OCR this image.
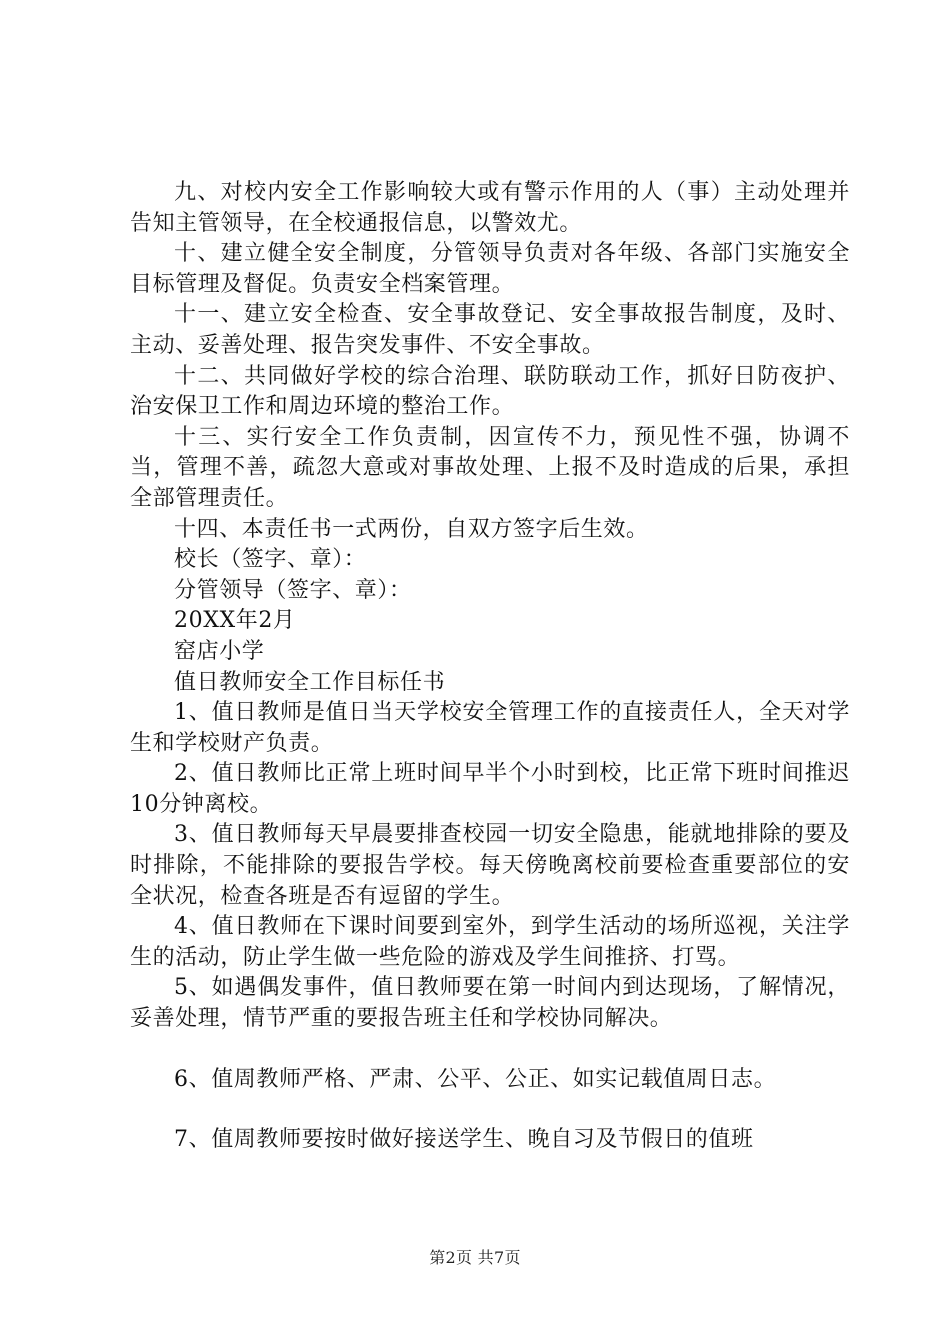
九、对校内安全工作影响较大或有警示作用的人（事）主动处理并告知主管领导，在全校通报信息，以警效尤。

十、建立健全安全制度，分管领导负责对各年级、各部门实施安全目标管理及督促。负责安全档案管理。

十一、建立安全检查、安全事故登记、安全事故报告制度，及时、主动、妥善处理、报告突发事件、不安全事故。

十二、共同做好学校的综合治理、联防联动工作，抓好日防夜护、治安保卫工作和周边环境的整治工作。

十三、实行安全工作负责制，因宣传不力，预见性不强，协调不当，管理不善，疏忽大意或对事故处理、上报不及时造成的后果，承担全部管理责任。

十四、本责任书一式两份，自双方签字后生效。

校长（签字、章）：

分管领导（签字、章）：

20XX年2月

窑店小学

值日教师安全工作目标任书

1、值日教师是值日当天学校安全管理工作的直接责任人，全天对学生和学校财产负责。

2、值日教师比正常上班时间早半个小时到校，比正常下班时间推迟10分钟离校。

3、值日教师每天早晨要排查校园一切安全隐患，能就地排除的要及时排除，不能排除的要报告学校。每天傍晚离校前要检查重要部位的安全状况，检查各班是否有逗留的学生。

4、值日教师在下课时间要到室外，到学生活动的场所巡视，关注学生的活动，防止学生做一些危险的游戏及学生间推挤、打骂。

5、如遇偶发事件，值日教师要在第一时间内到达现场，了解情况，妥善处理，情节严重的要报告班主任和学校协同解决。

6、值周教师严格、严肃、公平、公正、如实记载值周日志。

7、值周教师要按时做好接送学生、晚自习及节假日的值班

第2页 共7页
